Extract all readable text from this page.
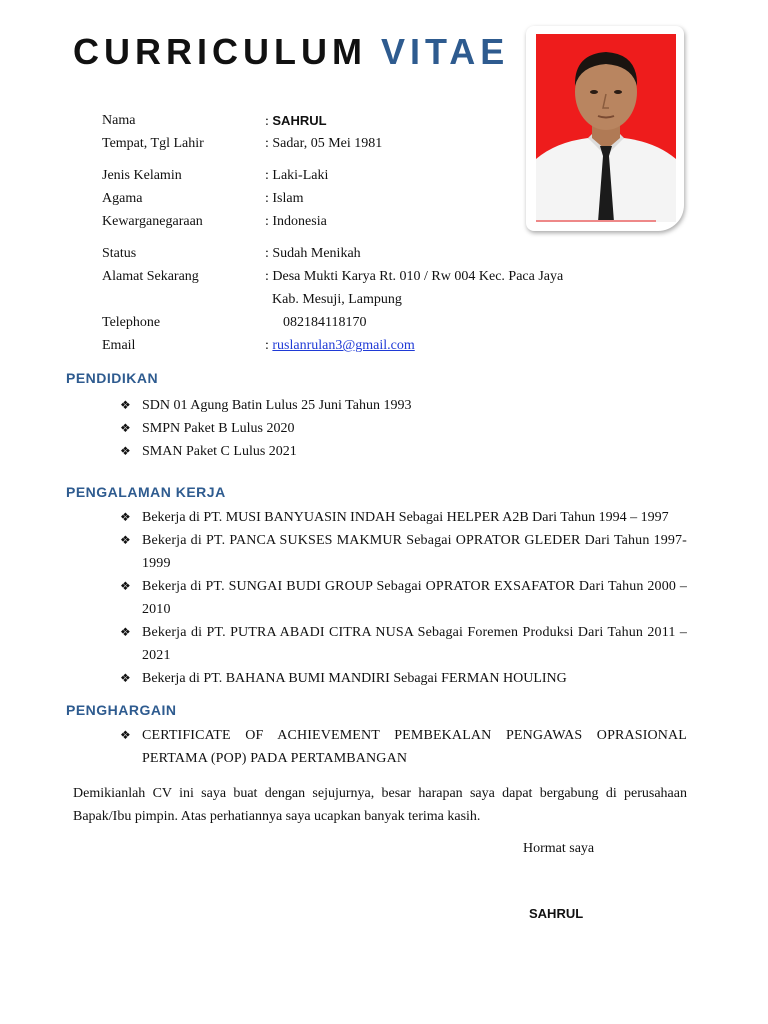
CURRICULUM VITAE
Nama	: SAHRUL
Tempat, Tgl Lahir	: Sadar, 05 Mei 1981
Jenis Kelamin	: Laki-Laki
Agama	: Islam
Kewarganegaraan	: Indonesia
Status	: Sudah Menikah
Alamat Sekarang	: Desa Mukti Karya Rt. 010 / Rw 004 Kec. Paca Jaya
Kab. Mesuji, Lampung
Telephone	082184118170
Email	: ruslanrulan3@gmail.com
PENDIDIKAN
❖ SDN 01 Agung Batin Lulus 25 Juni Tahun 1993
❖ SMPN Paket B Lulus 2020
❖ SMAN Paket C Lulus 2021
PENGALAMAN KERJA
❖ Bekerja di PT. MUSI BANYUASIN INDAH Sebagai HELPER A2B Dari Tahun 1994 – 1997
❖ Bekerja di PT. PANCA SUKSES MAKMUR Sebagai OPRATOR GLEDER Dari Tahun 1997-1999
❖ Bekerja di PT. SUNGAI BUDI GROUP Sebagai OPRATOR EXSAFATOR Dari Tahun 2000 – 2010
❖ Bekerja di PT. PUTRA ABADI CITRA NUSA Sebagai Foremen Produksi Dari Tahun 2011 – 2021
❖ Bekerja di PT. BAHANA BUMI MANDIRI Sebagai FERMAN HOULING
PENGHARGAIN
❖ CERTIFICATE OF ACHIEVEMENT PEMBEKALAN PENGAWAS OPRASIONAL PERTAMA (POP) PADA PERTAMBANGAN
Demikianlah CV ini saya buat dengan sejujurnya, besar harapan saya dapat bergabung di perusahaan Bapak/Ibu pimpin. Atas perhatiannya saya ucapkan banyak terima kasih.
Hormat saya
SAHRUL
